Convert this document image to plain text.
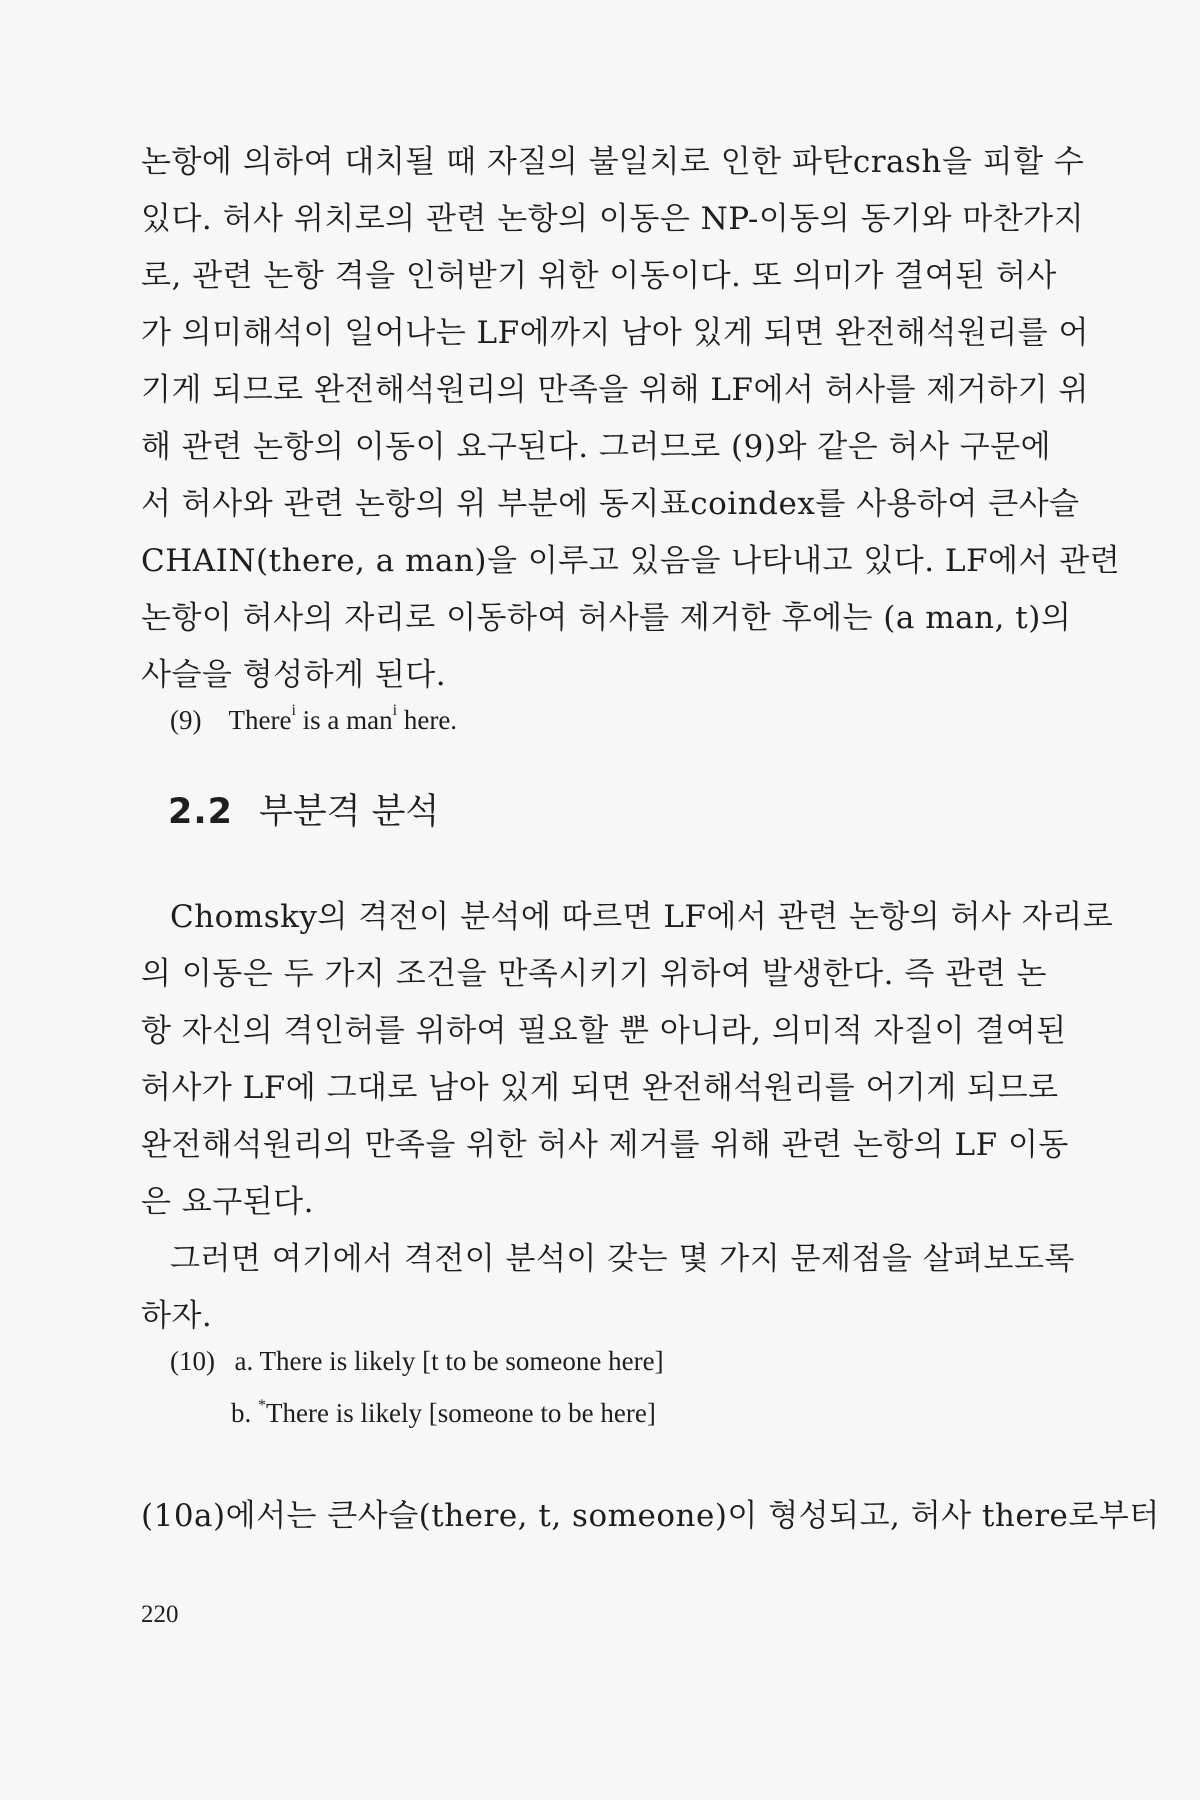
논항에 의하여 대치될 때 자질의 불일치로 인한 파탄crash을 피할 수
있다. 허사 위치로의 관련 논항의 이동은 NP-이동의 동기와 마찬가지
로, 관련 논항 격을 인허받기 위한 이동이다. 또 의미가 결여된 허사
가 의미해석이 일어나는 LF에까지 남아 있게 되면 완전해석원리를 어
기게 되므로 완전해석원리의 만족을 위해 LF에서 허사를 제거하기 위
해 관련 논항의 이동이 요구된다. 그러므로 (9)와 같은 허사 구문에
서 허사와 관련 논항의 위 부분에 동지표coindex를 사용하여 큰사슬
CHAIN(there, a man)을 이루고 있음을 나타내고 있다. LF에서 관련
논항이 허사의 자리로 이동하여 허사를 제거한 후에는 (a man, t)의
사슬을 형성하게 된다.
(9) There$^i$ is a man$^i$ here.
2.2 부분격 분석
Chomsky의 격전이 분석에 따르면 LF에서 관련 논항의 허사 자리로
의 이동은 두 가지 조건을 만족시키기 위하여 발생한다. 즉 관련 논
항 자신의 격인허를 위하여 필요할 뿐 아니라, 의미적 자질이 결여된
허사가 LF에 그대로 남아 있게 되면 완전해석원리를 어기게 되므로
완전해석원리의 만족을 위한 허사 제거를 위해 관련 논항의 LF 이동
은 요구된다.
그러면 여기에서 격전이 분석이 갖는 몇 가지 문제점을 살펴보도록
하자.
(10) a. There is likely [t to be someone here]
b. *There is likely [someone to be here]
(10a)에서는 큰사슬(there, t, someone)이 형성되고, 허사 there로부터
220
